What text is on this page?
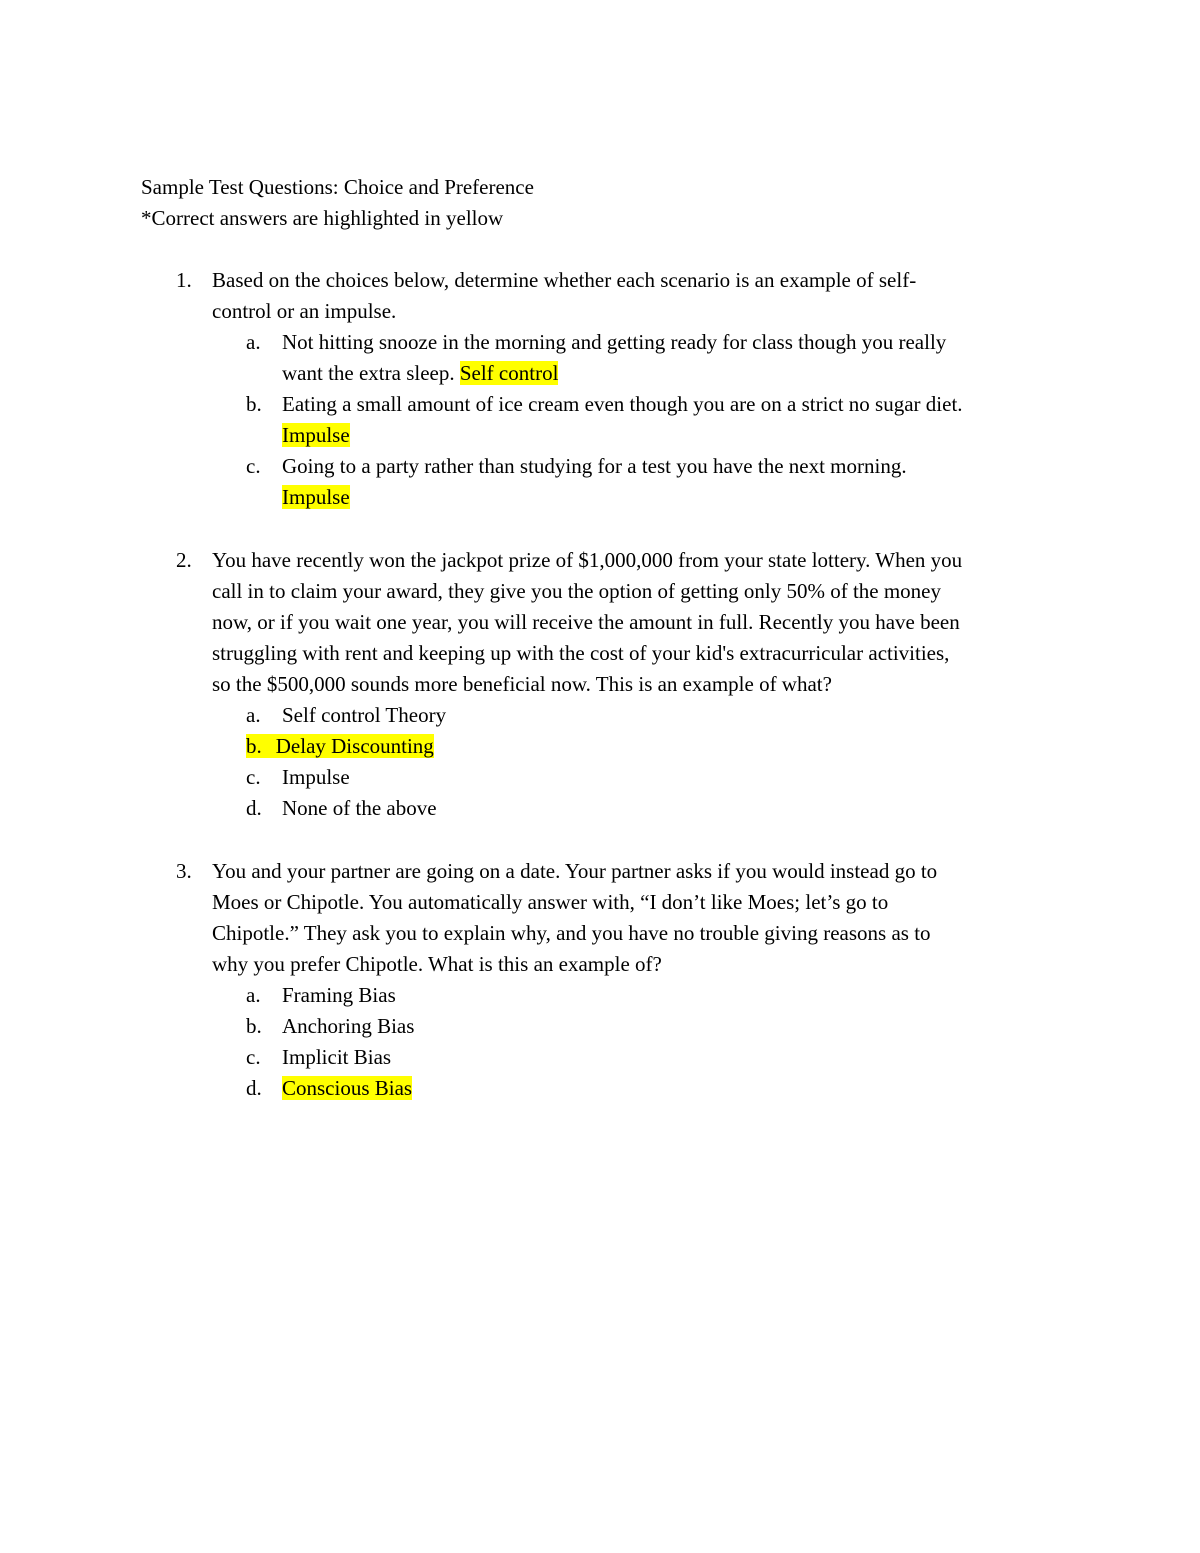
Sample Test Questions: Choice and Preference
*Correct answers are highlighted in yellow
1. Based on the choices below, determine whether each scenario is an example of self-
control or an impulse.
a. Not hitting snooze in the morning and getting ready for class though you really
want the extra sleep. Self control
b. Eating a small amount of ice cream even though you are on a strict no sugar diet.
Impulse
c. Going to a party rather than studying for a test you have the next morning.
Impulse
2. You have recently won the jackpot prize of $1,000,000 from your state lottery. When you
call in to claim your award, they give you the option of getting only 50% of the money
now, or if you wait one year, you will receive the amount in full. Recently you have been
struggling with rent and keeping up with the cost of your kid's extracurricular activities,
so the $500,000 sounds more beneficial now. This is an example of what?
a. Self control Theory
b. Delay Discounting
c. Impulse
d. None of the above
3. You and your partner are going on a date. Your partner asks if you would instead go to
Moes or Chipotle. You automatically answer with, “I don’t like Moes; let’s go to
Chipotle.” They ask you to explain why, and you have no trouble giving reasons as to
why you prefer Chipotle. What is this an example of?
a. Framing Bias
b. Anchoring Bias
c. Implicit Bias
d. Conscious Bias
